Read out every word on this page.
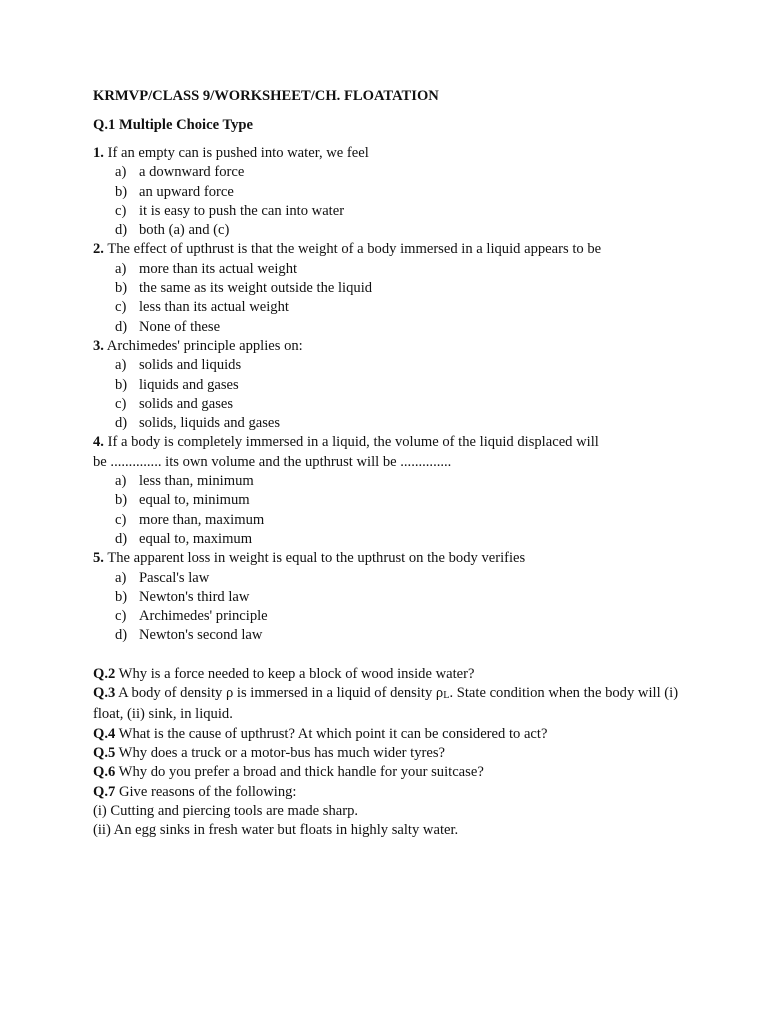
KRMVP/CLASS 9/WORKSHEET/CH. FLOATATION

Q.1 Multiple Choice Type

1. If an empty can is pushed into water, we feel

a) a downward force

b) an upward force

c) it is easy to push the can into water

d) both (a) and (c)

2. The effect of upthrust is that the weight of a body immersed in a liquid appears to be

a) more than its actual weight

b) the same as its weight outside the liquid

c) less than its actual weight

d) None of these

3. Archimedes' principle applies on:

a) solids and liquids

b) liquids and gases

c) solids and gases

d) solids, liquids and gases

4. If a body is completely immersed in a liquid, the volume of the liquid displaced will

be .............. its own volume and the upthrust will be ..............

a) less than, minimum

b) equal to, minimum

c) more than, maximum

d) equal to, maximum

5. The apparent loss in weight is equal to the upthrust on the body verifies

a) Pascal's law

b) Newton's third law

c) Archimedes' principle

d) Newton's second law

Q.2 Why is a force needed to keep a block of wood inside water?

Q.3 A body of density ρ is immersed in a liquid of density $\rho_L$. State condition when the body will (i) float, (ii) sink, in liquid.

Q.4 What is the cause of upthrust? At which point it can be considered to act?

Q.5 Why does a truck or a motor-bus has much wider tyres?

Q.6 Why do you prefer a broad and thick handle for your suitcase?

Q.7 Give reasons of the following:

(i) Cutting and piercing tools are made sharp.

(ii) An egg sinks in fresh water but floats in highly salty water.
